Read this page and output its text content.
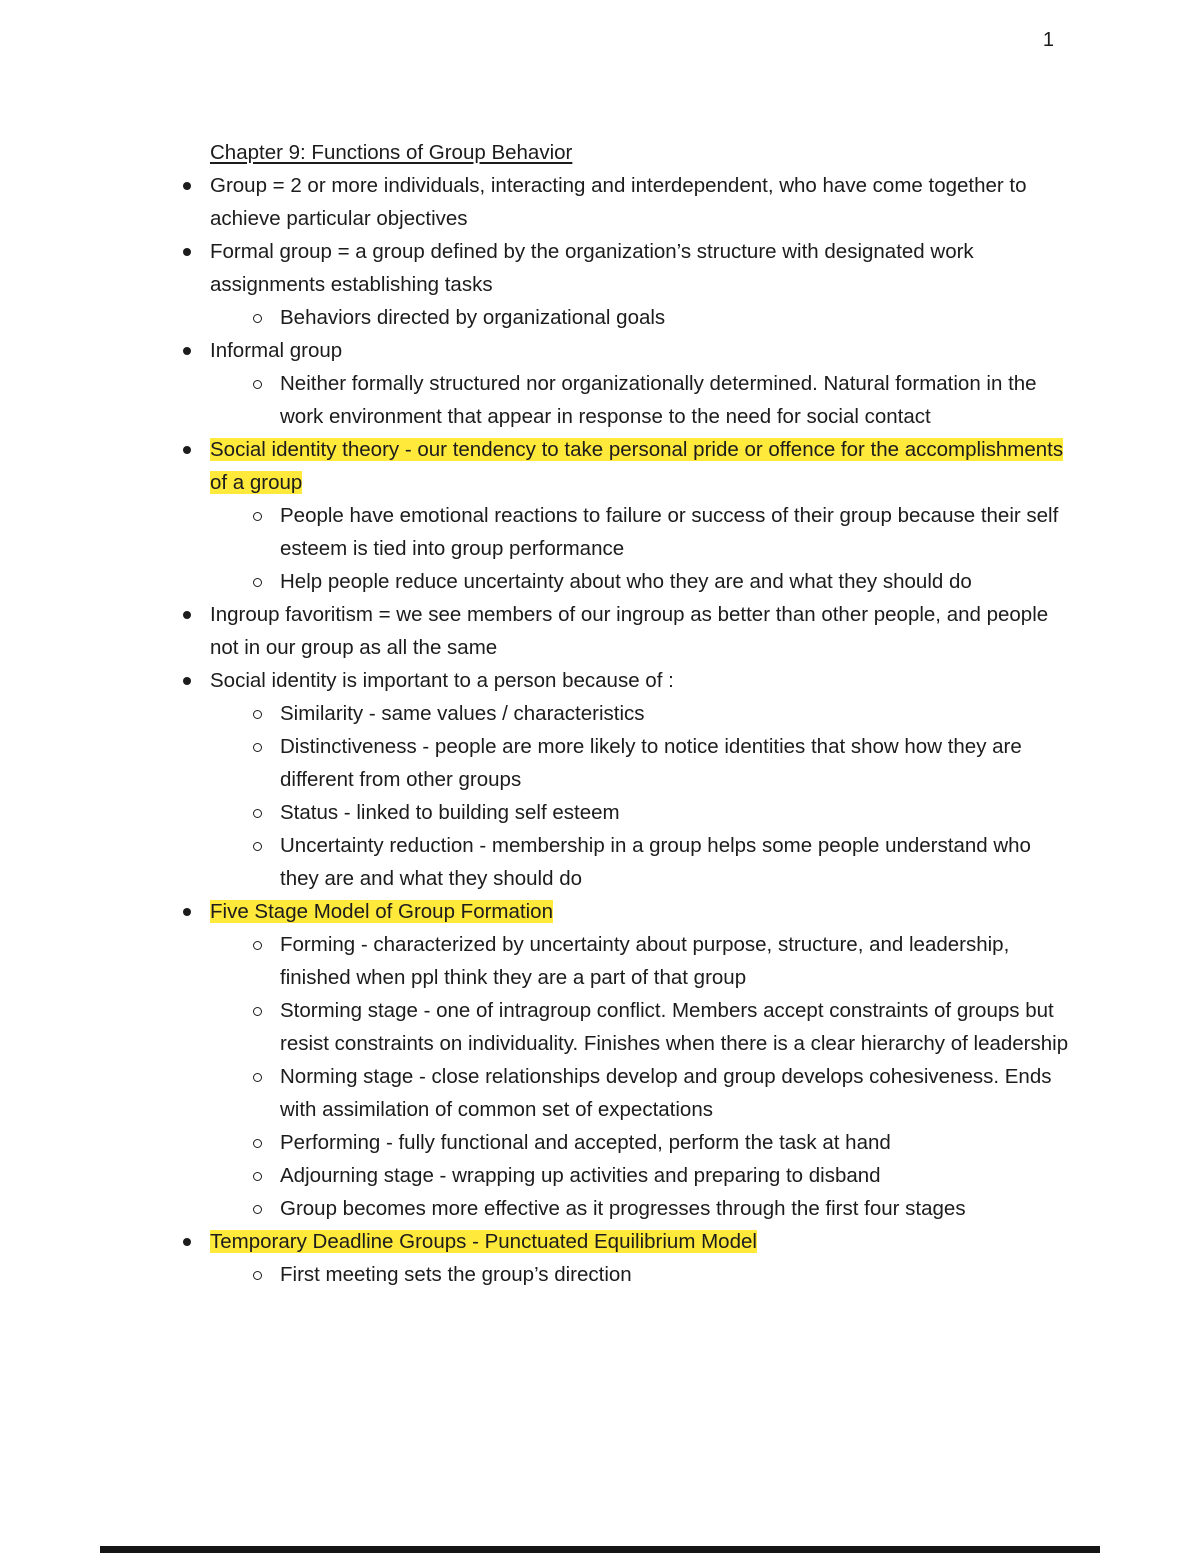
1
Chapter 9: Functions of Group Behavior
Group = 2 or more individuals, interacting and interdependent, who have come together to achieve particular objectives
Formal group = a group defined by the organization’s structure with designated work assignments establishing tasks
Behaviors directed by organizational goals
Informal group
Neither formally structured nor organizationally determined. Natural formation in the work environment that appear in response to the need for social contact
Social identity theory - our tendency to take personal pride or offence for the accomplishments of a group
People have emotional reactions to failure or success of their group because their self esteem is tied into group performance
Help people reduce uncertainty about who they are and what they should do
Ingroup favoritism = we see members of our ingroup as better than other people, and people not in our group as all the same
Social identity is important to a person because of :
Similarity - same values / characteristics
Distinctiveness - people are more likely to notice identities that show how they are different from other groups
Status - linked to building self esteem
Uncertainty reduction - membership in a group helps some people understand who they are and what they should do
Five Stage Model of Group Formation
Forming - characterized by uncertainty about purpose, structure, and leadership, finished when ppl think they are a part of that group
Storming stage - one of intragroup conflict. Members accept constraints of groups but resist constraints on individuality. Finishes when there is a clear hierarchy of leadership
Norming stage - close relationships develop and group develops cohesiveness. Ends with assimilation of common set of expectations
Performing - fully functional and accepted, perform the task at hand
Adjourning stage - wrapping up activities and preparing to disband
Group becomes more effective as it progresses through the first four stages
Temporary Deadline Groups - Punctuated Equilibrium Model
First meeting sets the group’s direction
